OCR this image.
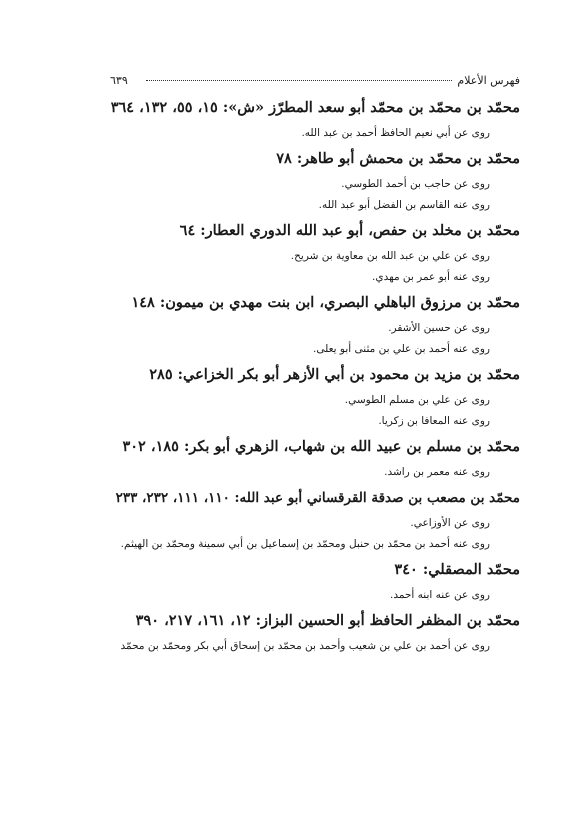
فهرس الأعلام
٦٣٩
محمّد بن محمّد بن محمّد أبو سعد المطرّز «ش»: ١٥، ٥٥، ١٣٢، ٣٦٤
روى عن أبي نعيم الحافظ أحمد بن عبد الله.
محمّد بن محمّد بن محمش أبو طاهر: ٧٨
روى عن حاجب بن أحمد الطوسي.
روى عنه القاسم بن الفضل أبو عبد الله.
محمّد بن مخلد بن حفص، أبو عبد الله الدوري العطار: ٦٤
روى عن علي بن عبد الله بن معاوية بن شريح.
روى عنه أبو عمر بن مهدي.
محمّد بن مرزوق الباهلي البصري، ابن بنت مهدي بن ميمون: ١٤٨
روى عن حسين الأشقر.
روى عنه أحمد بن علي بن مثنى أبو يعلى.
محمّد بن مزيد بن محمود بن أبي الأزهر أبو بكر الخزاعي: ٢٨٥
روى عن علي بن مسلم الطوسي.
روى عنه المعافا بن زكريا.
محمّد بن مسلم بن عبيد الله بن شهاب، الزهري أبو بكر: ١٨٥، ٣٠٢
روى عنه معمر بن راشد.
محمّد بن مصعب بن صدقة القرقساني أبو عبد الله: ١١٠، ١١١، ٢٣٢، ٢٣٣
روى عن الأوزاعي.
روى عنه أحمد بن محمّد بن حنبل ومحمّد بن إسماعيل بن أبي سمينة ومحمّد بن الهيثم.
محمّد المصقلي: ٣٤٠
روى عن عنه ابنه أحمد.
محمّد بن المظفر الحافظ أبو الحسين البزاز: ١٢، ١٦١، ٢١٧، ٣٩٠
روى عن أحمد بن علي بن شعيب وأحمد بن محمّد بن إسحاق أبي بكر ومحمّد بن محمّد
